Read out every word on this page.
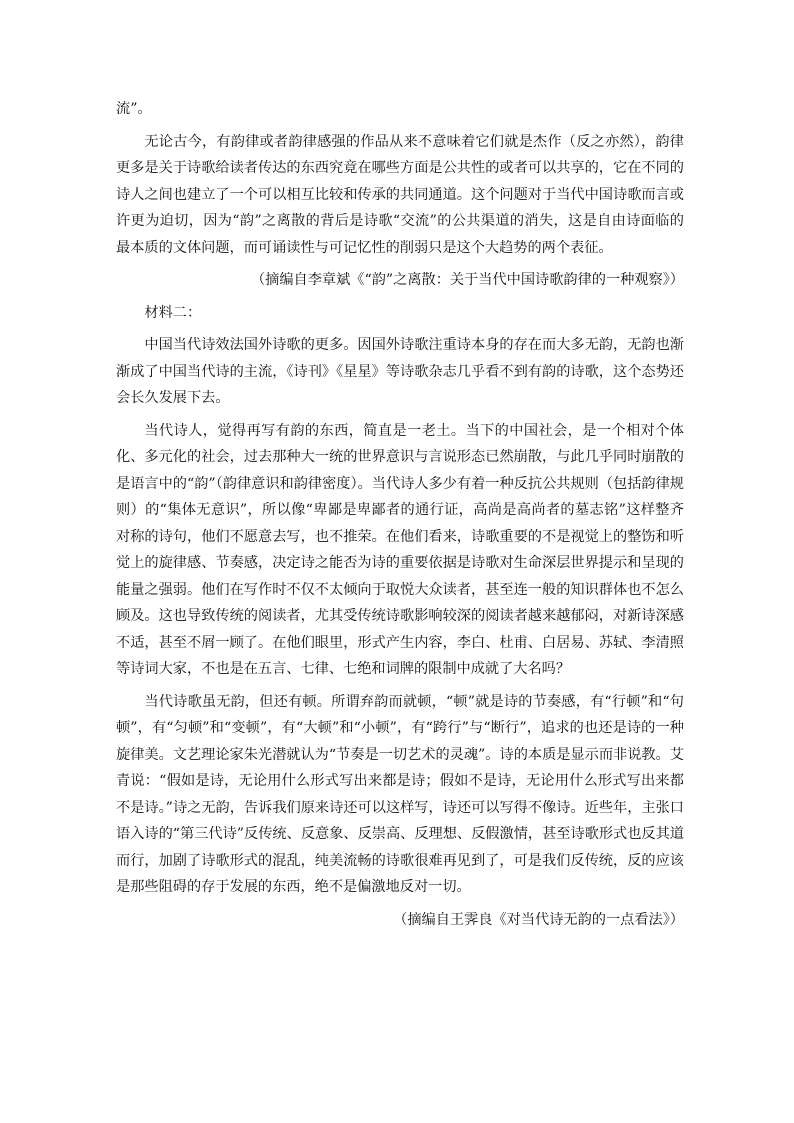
流”。

无论古今，有韵律或者韵律感强的作品从来不意味着它们就是杰作（反之亦然），韵律更多是关于诗歌给读者传达的东西究竟在哪些方面是公共性的或者可以共享的，它在不同的诗人之间也建立了一个可以相互比较和传承的共同通道。这个问题对于当代中国诗歌而言或许更为迫切，因为“韵”之离散的背后是诗歌“交流”的公共渠道的消失，这是自由诗面临的最本质的文体问题，而可诵读性与可记忆性的削弱只是这个大趋势的两个表征。

（摘编自李章斌《“韵”之离散：关于当代中国诗歌韵律的一种观察》）

材料二：

中国当代诗效法国外诗歌的更多。因国外诗歌注重诗本身的存在而大多无韵，无韵也渐渐成了中国当代诗的主流，《诗刊》《星星》等诗歌杂志几乎看不到有韵的诗歌，这个态势还会长久发展下去。

当代诗人，觉得再写有韵的东西，简直是一老土。当下的中国社会，是一个相对个体化、多元化的社会，过去那种大一统的世界意识与言说形态已然崩散，与此几乎同时崩散的是语言中的“韵”（韵律意识和韵律密度）。当代诗人多少有着一种反抗公共规则（包括韵律规则）的“集体无意识”，所以像“卑鄙是卑鄙者的通行证，高尚是高尚者的墓志铭”这样整齐对称的诗句，他们不愿意去写，也不推荣。在他们看来，诗歌重要的不是视觉上的整饬和听觉上的旋律感、节奏感，决定诗之能否为诗的重要依据是诗歌对生命深层世界提示和呈现的能量之强弱。他们在写作时不仅不太倾向于取悦大众读者，甚至连一般的知识群体也不怎么顾及。这也导致传统的阅读者，尤其受传统诗歌影响较深的阅读者越来越郁闷，对新诗深感不适，甚至不屑一顾了。在他们眼里，形式产生内容，李白、杜甫、白居易、苏轼、李清照等诗词大家，不也是在五言、七律、七绝和词牌的限制中成就了大名吗？

当代诗歌虽无韵，但还有顿。所谓弃韵而就顿，“顿”就是诗的节奏感，有“行顿”和“句顿”，有“匀顿”和“变顿”，有“大顿”和“小顿”，有“跨行”与“断行”，追求的也还是诗的一种旋律美。文艺理论家朱光潜就认为“节奏是一切艺术的灵魂”。诗的本质是显示而非说教。艾青说：“假如是诗，无论用什么形式写出来都是诗；假如不是诗，无论用什么形式写出来都不是诗。”诗之无韵，告诉我们原来诗还可以这样写，诗还可以写得不像诗。近些年，主张口语入诗的“第三代诗”反传统、反意象、反崇高、反理想、反假激情，甚至诗歌形式也反其道而行，加剧了诗歌形式的混乱，纯美流畅的诗歌很难再见到了，可是我们反传统，反的应该是那些阻碍的存于发展的东西，绝不是偏激地反对一切。

（摘编自王霁良《对当代诗无韵的一点看法》）
